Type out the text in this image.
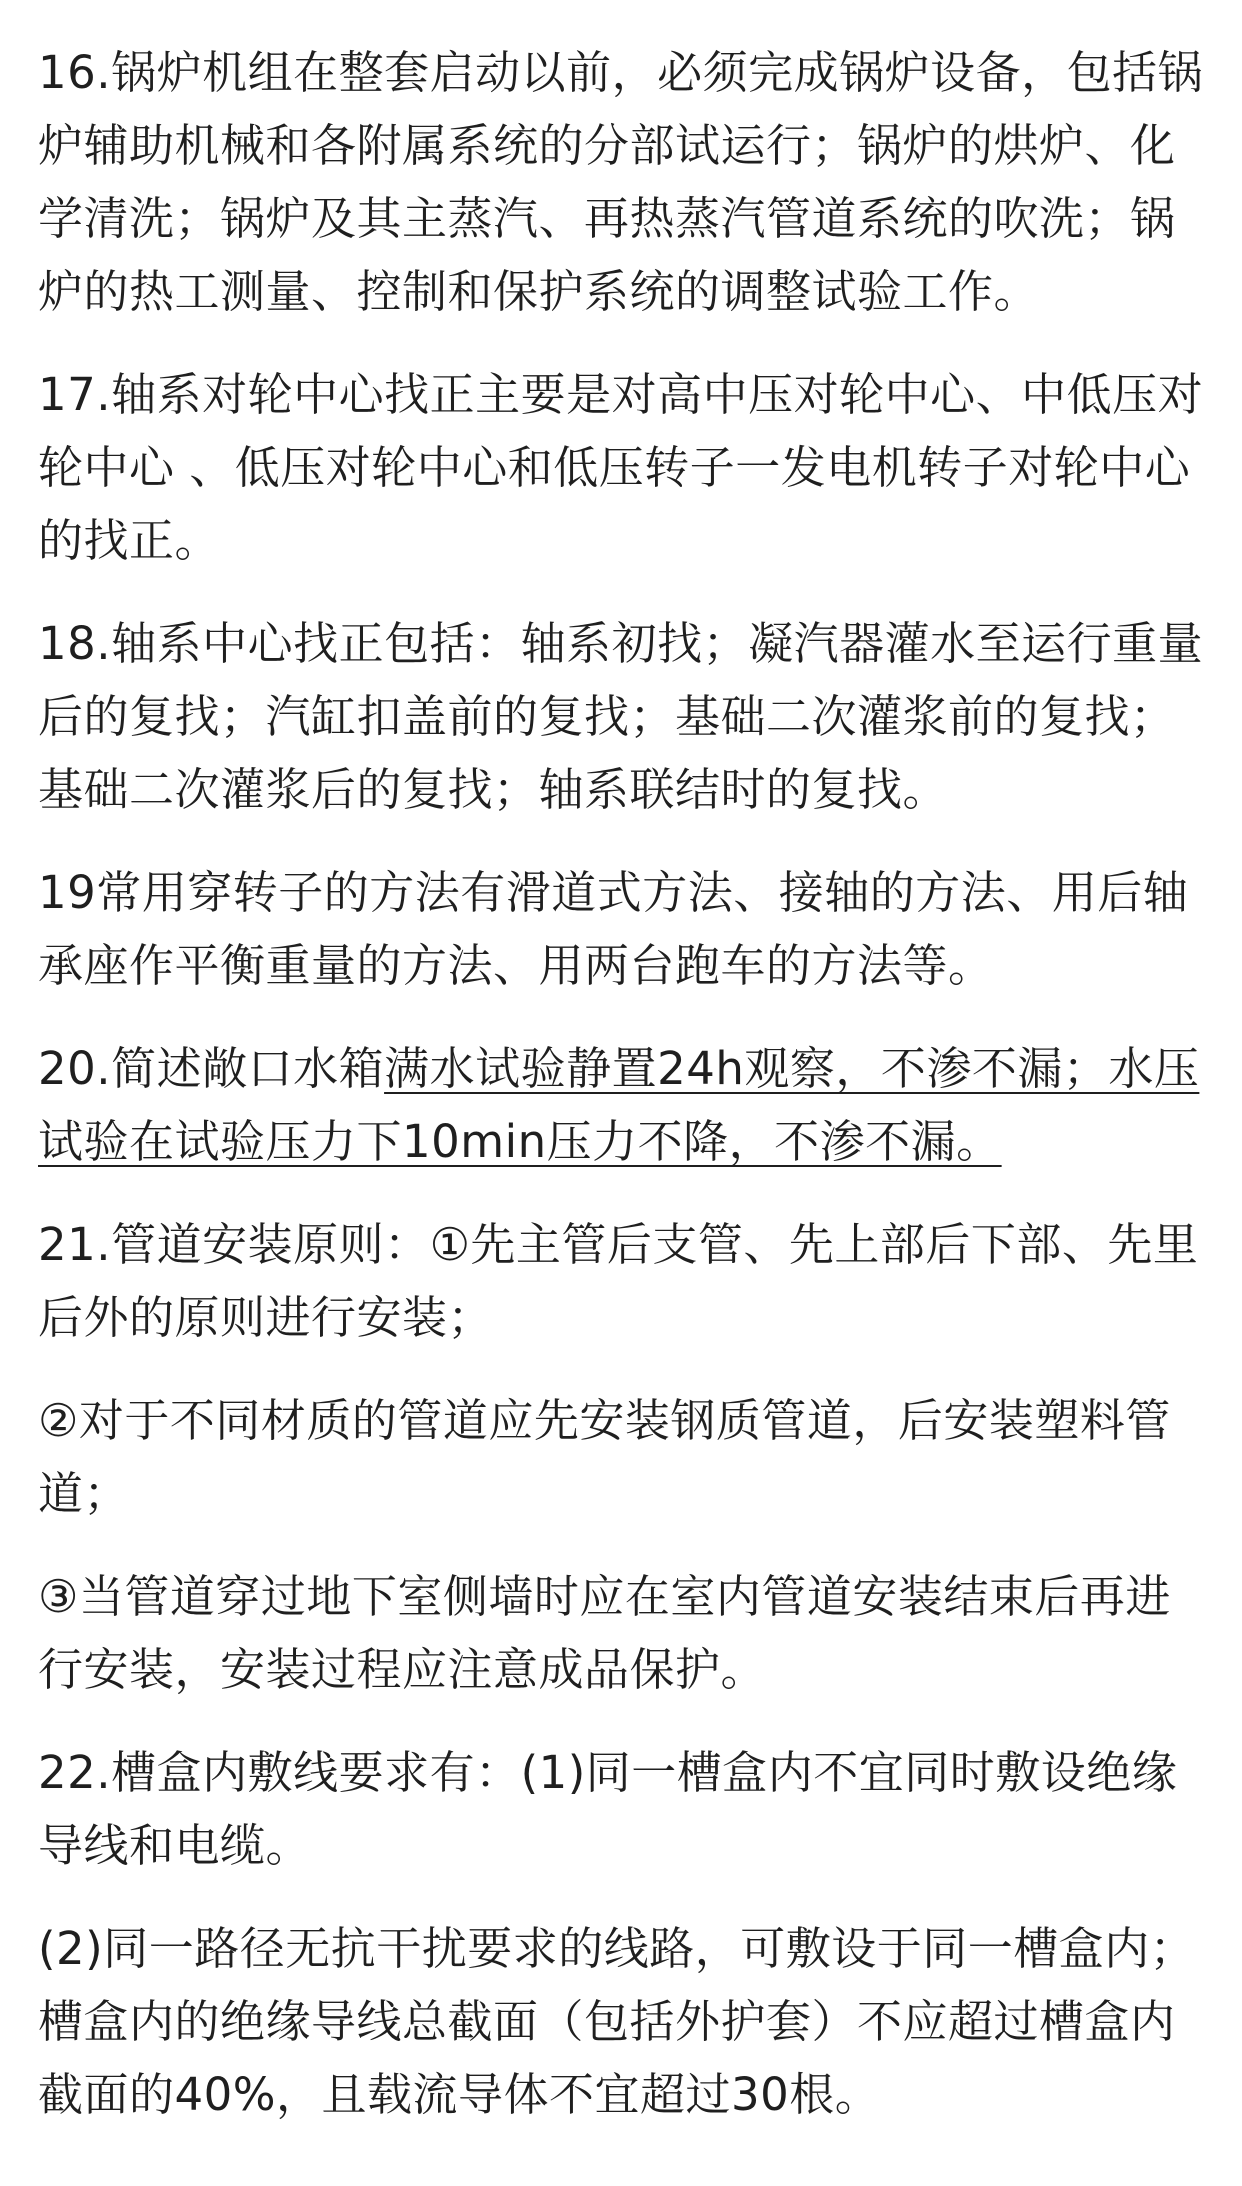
16.锅炉机组在整套启动以前，必须完成锅炉设备，包括锅炉辅助机械和各附属系统的分部试运行；锅炉的烘炉、化学清洗；锅炉及其主蒸汽、再热蒸汽管道系统的吹洗；锅炉的热工测量、控制和保护系统的调整试验工作。

17.轴系对轮中心找正主要是对高中压对轮中心、中低压对轮中心 、低压对轮中心和低压转子一发电机转子对轮中心的找正。

18.轴系中心找正包括：轴系初找；凝汽器灌水至运行重量后的复找；汽缸扣盖前的复找；基础二次灌浆前的复找；基础二次灌浆后的复找；轴系联结时的复找。

19常用穿转子的方法有滑道式方法、接轴的方法、用后轴承座作平衡重量的方法、用两台跑车的方法等。

20.简述敞口水箱满水试验静置24h观察，不渗不漏；水压试验在试验压力下10min压力不降，不渗不漏。

21.管道安装原则：①先主管后支管、先上部后下部、先里后外的原则进行安装；

②对于不同材质的管道应先安装钢质管道，后安装塑料管道；

③当管道穿过地下室侧墙时应在室内管道安装结束后再进行安装，安装过程应注意成品保护。

22.槽盒内敷线要求有：(1)同一槽盒内不宜同时敷设绝缘导线和电缆。

(2)同一路径无抗干扰要求的线路，可敷设于同一槽盒内；槽盒内的绝缘导线总截面（包括外护套）不应超过槽盒内截面的40%，且载流导体不宜超过30根。
